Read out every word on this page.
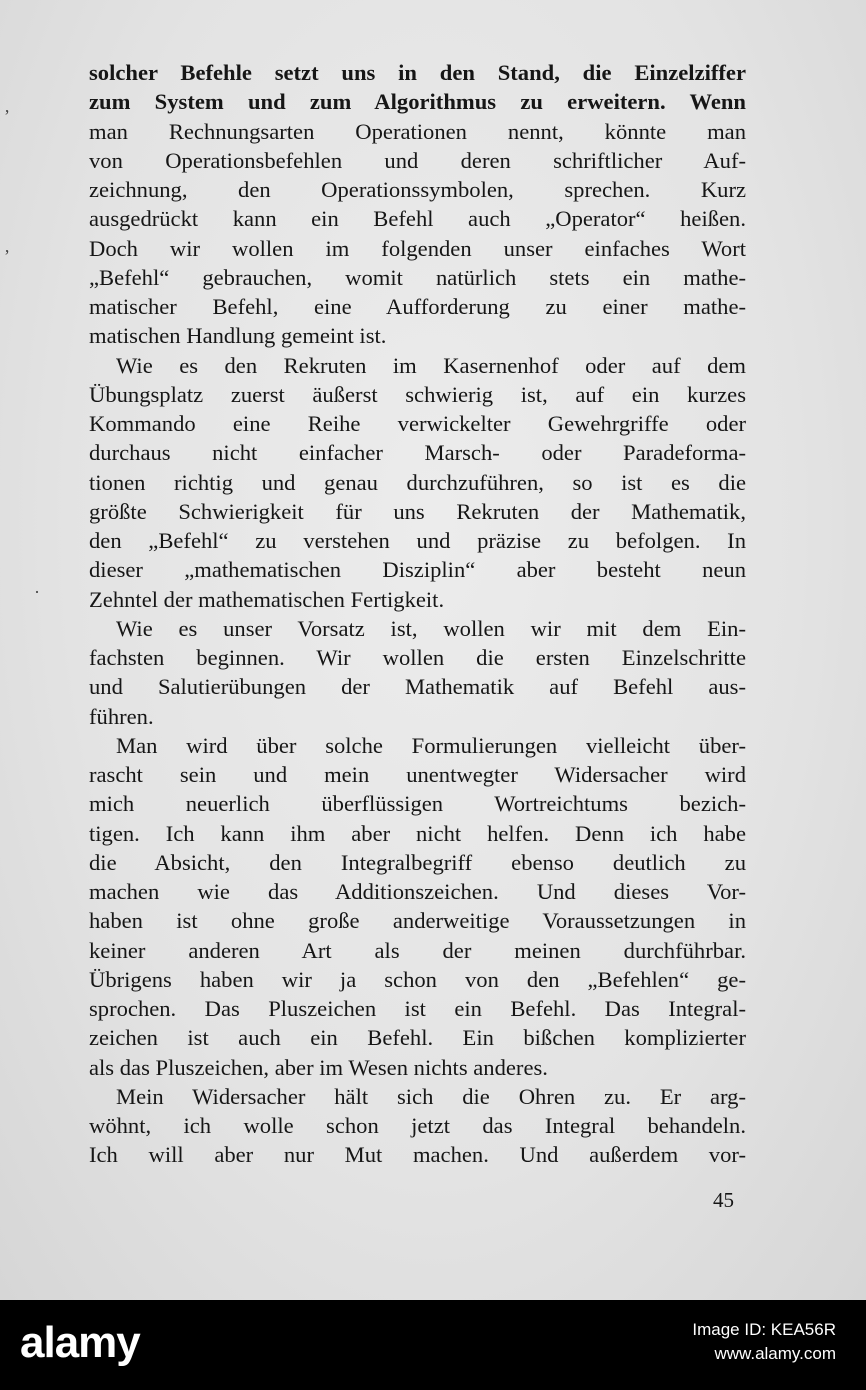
solcher Befehle setzt uns in den Stand, die Einzelziffer
zum System und zum Algorithmus zu erweitern. Wenn
man Rechnungsarten Operationen nennt, könnte man
von Operationsbefehlen und deren schriftlicher Auf-
zeichnung, den Operationssymbolen, sprechen. Kurz
ausgedrückt kann ein Befehl auch „Operator“ heißen.
Doch wir wollen im folgenden unser einfaches Wort
„Befehl“ gebrauchen, womit natürlich stets ein mathe-
matischer Befehl, eine Aufforderung zu einer mathe-
matischen Handlung gemeint ist.
Wie es den Rekruten im Kasernenhof oder auf dem
Übungsplatz zuerst äußerst schwierig ist, auf ein kurzes
Kommando eine Reihe verwickelter Gewehrgriffe oder
durchaus nicht einfacher Marsch- oder Paradeforma-
tionen richtig und genau durchzuführen, so ist es die
größte Schwierigkeit für uns Rekruten der Mathematik,
den „Befehl“ zu verstehen und präzise zu befolgen. In
dieser „mathematischen Disziplin“ aber besteht neun
Zehntel der mathematischen Fertigkeit.
Wie es unser Vorsatz ist, wollen wir mit dem Ein-
fachsten beginnen. Wir wollen die ersten Einzelschritte
und Salutierübungen der Mathematik auf Befehl aus-
führen.
Man wird über solche Formulierungen vielleicht über-
rascht sein und mein unentwegter Widersacher wird
mich neuerlich überflüssigen Wortreichtums bezich-
tigen. Ich kann ihm aber nicht helfen. Denn ich habe
die Absicht, den Integralbegriff ebenso deutlich zu
machen wie das Additionszeichen. Und dieses Vor-
haben ist ohne große anderweitige Voraussetzungen in
keiner anderen Art als der meinen durchführbar.
Übrigens haben wir ja schon von den „Befehlen“ ge-
sprochen. Das Pluszeichen ist ein Befehl. Das Integral-
zeichen ist auch ein Befehl. Ein bißchen komplizierter
als das Pluszeichen, aber im Wesen nichts anderes.
Mein Widersacher hält sich die Ohren zu. Er arg-
wöhnt, ich wolle schon jetzt das Integral behandeln.
Ich will aber nur Mut machen. Und außerdem vor-
45
‚
‚
·
alamy	Image ID: KEA56R
www.alamy.com
